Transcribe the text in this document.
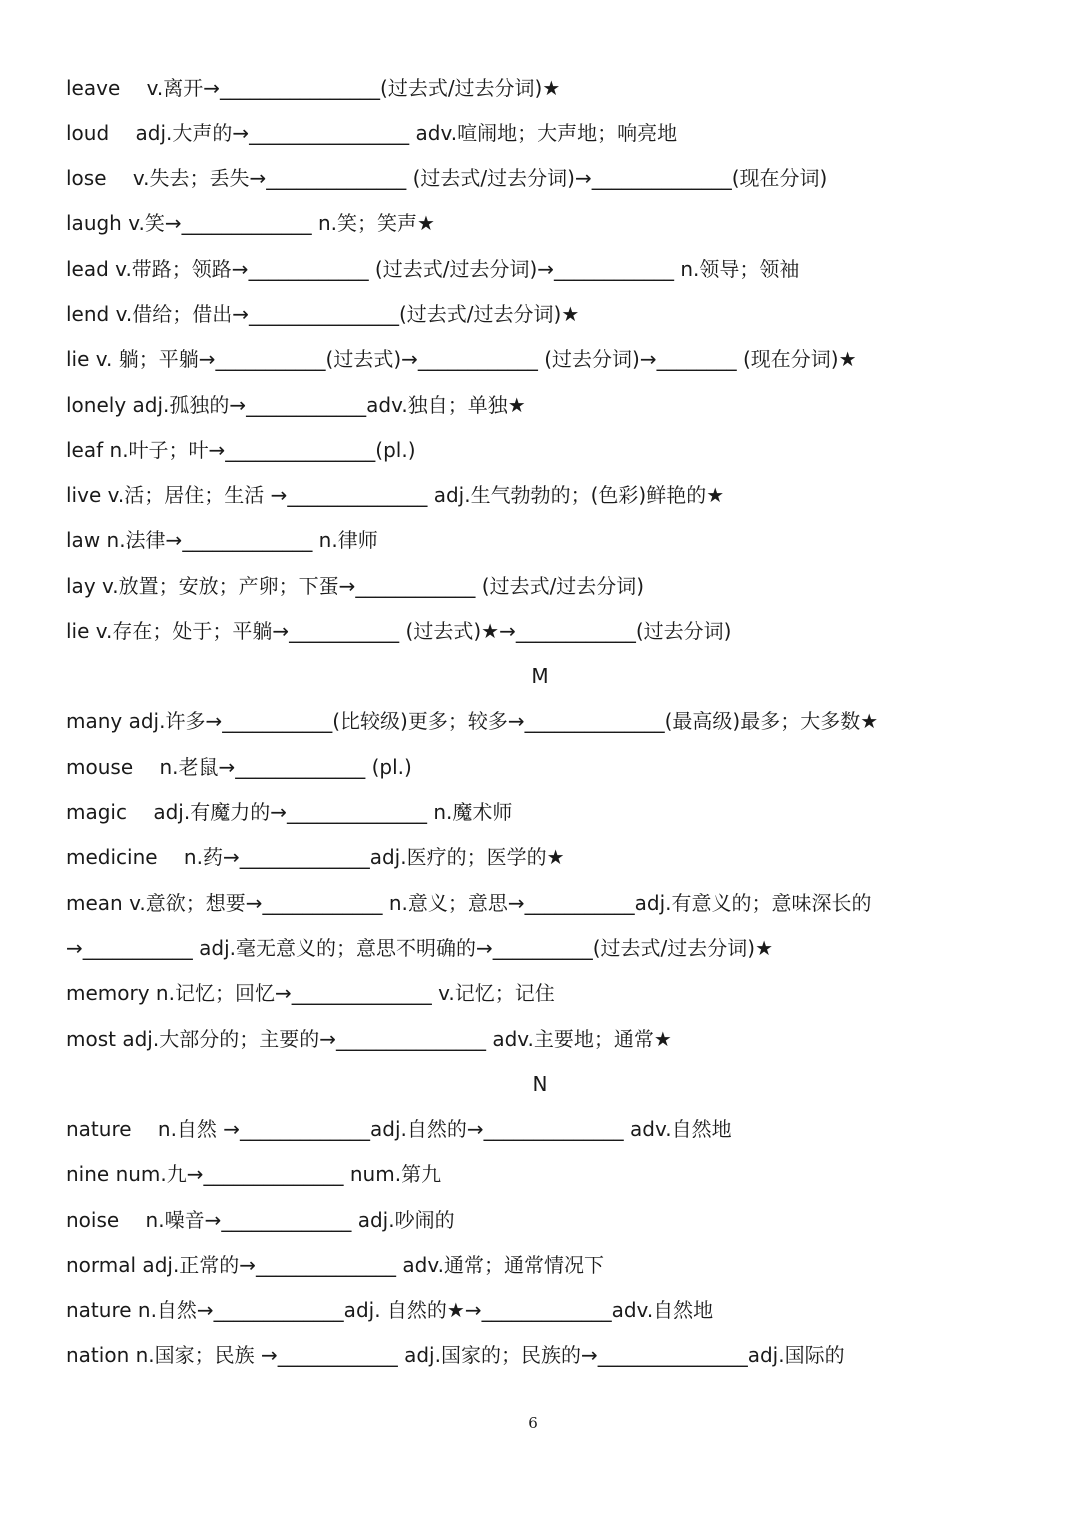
leave　 v.离开→________________(过去式/过去分词)★
loud　 adj.大声的→________________ adv.喧闹地；大声地；响亮地
lose　 v.失去；丢失→______________ (过去式/过去分词)→______________(现在分词)
laugh v.笑→_____________ n.笑；笑声★
lead v.带路；领路→____________ (过去式/过去分词)→____________ n.领导；领袖
lend v.借给；借出→_______________(过去式/过去分词)★
lie v. 躺；平躺→___________(过去式)→____________ (过去分词)→________ (现在分词)★
lonely adj.孤独的→____________adv.独自；单独★
leaf n.叶子；叶→_______________(pl.)
live v.活；居住；生活 →______________ adj.生气勃勃的；(色彩)鲜艳的★
law n.法律→_____________ n.律师
lay v.放置；安放；产卵；下蛋→____________ (过去式/过去分词)
lie v.存在；处于；平躺→___________ (过去式)★→____________(过去分词)
M
many adj.许多→___________(比较级)更多；较多→______________(最高级)最多；大多数★
mouse　 n.老鼠→_____________ (pl.)
magic　 adj.有魔力的→______________ n.魔术师
medicine　 n.药→_____________adj.医疗的；医学的★
mean v.意欲；想要→____________ n.意义；意思→___________adj.有意义的；意味深长的
→___________ adj.毫无意义的；意思不明确的→__________(过去式/过去分词)★
memory n.记忆；回忆→______________ v.记忆；记住
most adj.大部分的；主要的→_______________ adv.主要地；通常★
N
nature　 n.自然 →_____________adj.自然的→______________ adv.自然地
nine num.九→______________ num.第九
noise　 n.噪音→_____________ adj.吵闹的
normal adj.正常的→______________ adv.通常；通常情况下
nature n.自然→_____________adj. 自然的★→_____________adv.自然地
nation n.国家；民族 →____________ adj.国家的；民族的→_______________adj.国际的
6
